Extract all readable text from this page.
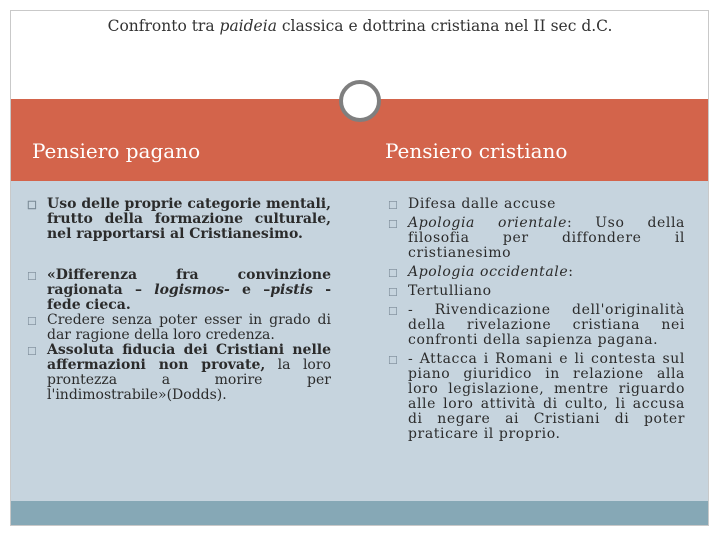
Confronto tra paideia classica e dottrina cristiana nel II sec d.C.
Pensiero pagano	Pensiero cristiano
☐ Uso delle proprie categorie mentali, frutto della formazione culturale, nel rapportarsi al Cristianesimo.
☐ «Differenza fra convinzione ragionata – logismos- e –pistis - fede cieca.
☐ Credere senza poter esser in grado di dar ragione della loro credenza.
☐ Assoluta fiducia dei Cristiani nelle affermazioni non provate, la loro prontezza a morire per l'indimostrabile»(Dodds).
☐ Difesa dalle accuse
☐ Apologia orientale: Uso della filosofia per diffondere il cristianesimo
☐ Apologia occidentale:
☐ Tertulliano
☐ - Rivendicazione dell'originalità della rivelazione cristiana nei confronti della sapienza pagana.
☐ - Attacca i Romani e li contesta sul piano giuridico in relazione alla loro legislazione, mentre riguardo alle loro attività di culto, li accusa di negare ai Cristiani di poter praticare il proprio.
